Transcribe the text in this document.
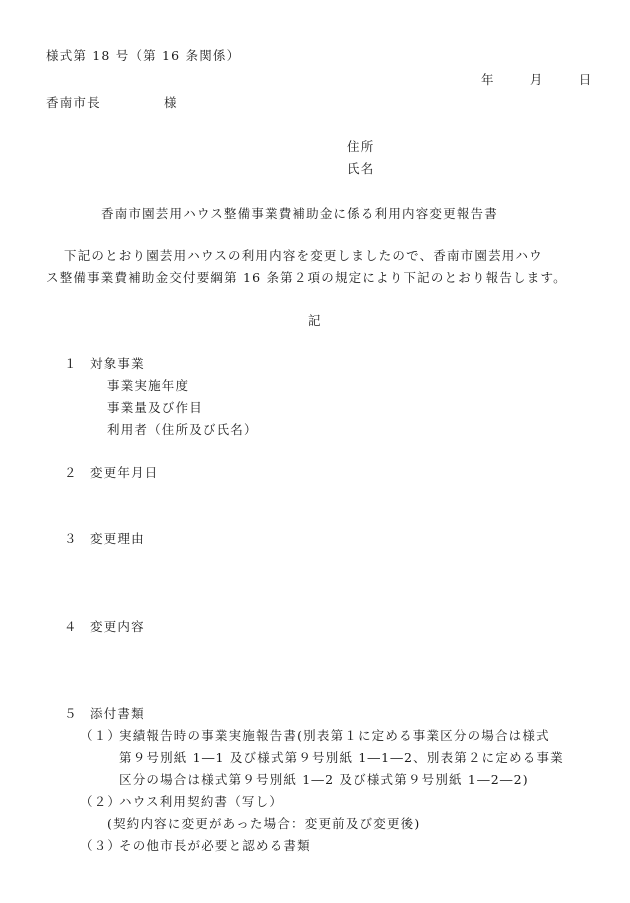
様式第 18 号（第 16 条関係）
年	月	日
香南市長	様
住所
氏名
香南市園芸用ハウス整備事業費補助金に係る利用内容変更報告書
下記のとおり園芸用ハウスの利用内容を変更しましたので、香南市園芸用ハウ
ス整備事業費補助金交付要綱第 16 条第２項の規定により下記のとおり報告します。
記
１ 対象事業
事業実施年度
事業量及び作目
利用者（住所及び氏名）
２ 変更年月日
３ 変更理由
４ 変更内容
５ 添付書類
（１）
実績報告時の事業実施報告書(別表第１に定める事業区分の場合は様式
第９号別紙 1―1 及び様式第９号別紙 1―1―2、別表第２に定める事業
区分の場合は様式第９号別紙 1―2 及び様式第９号別紙 1―2―2)
（２）
ハウス利用契約書（写し）
(契約内容に変更があった場合：変更前及び変更後)
（３）
その他市長が必要と認める書類
